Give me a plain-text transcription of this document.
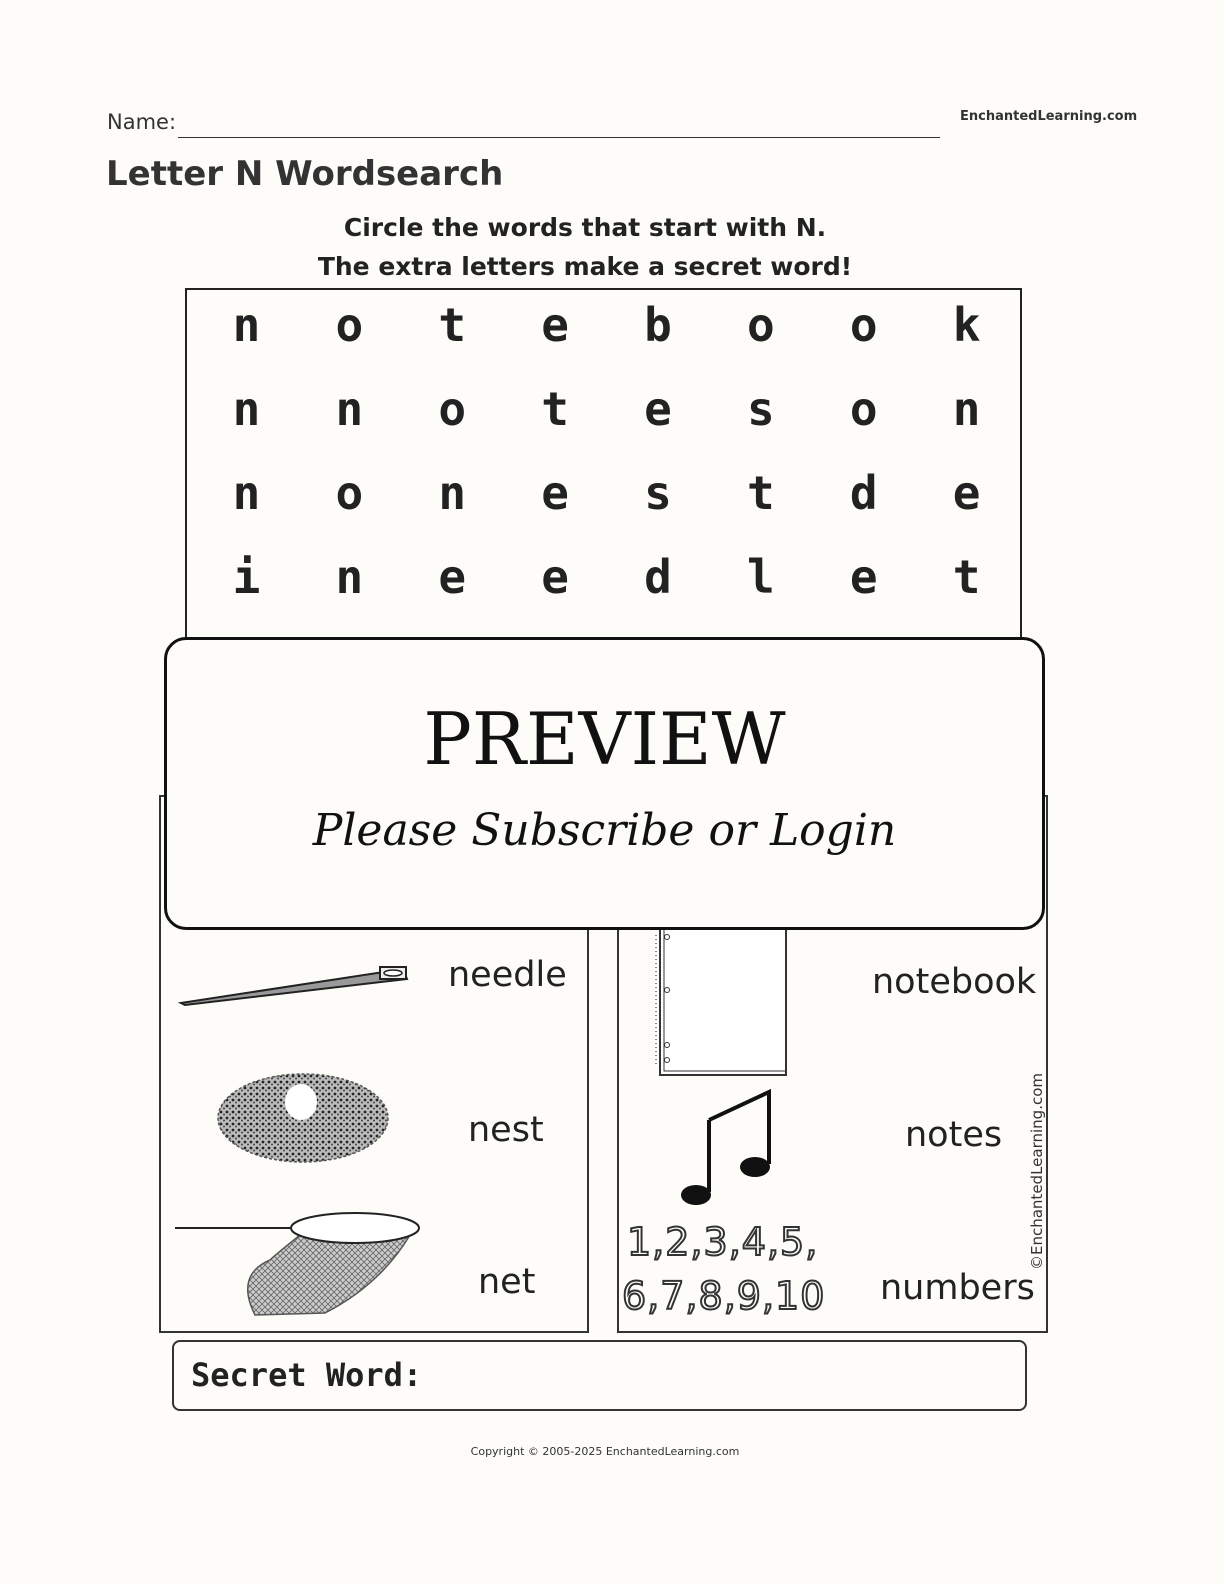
Name:	EnchantedLearning.com
Letter N Wordsearch
Circle the words that start with N.
The extra letters make a secret word!
n	o	t	e	b	o	o	k
n	n	o	t	e	s	o	n
n	o	n	e	s	t	d	e
i	n	e	e	d	l	e	t
needle
nest
net
notebook
notes
1,2,3,4,5,
6,7,8,9,10 numbers
©EnchantedLearning.com
PREVIEW
Please Subscribe or Login
Secret Word:
Copyright © 2005-2025 EnchantedLearning.com
